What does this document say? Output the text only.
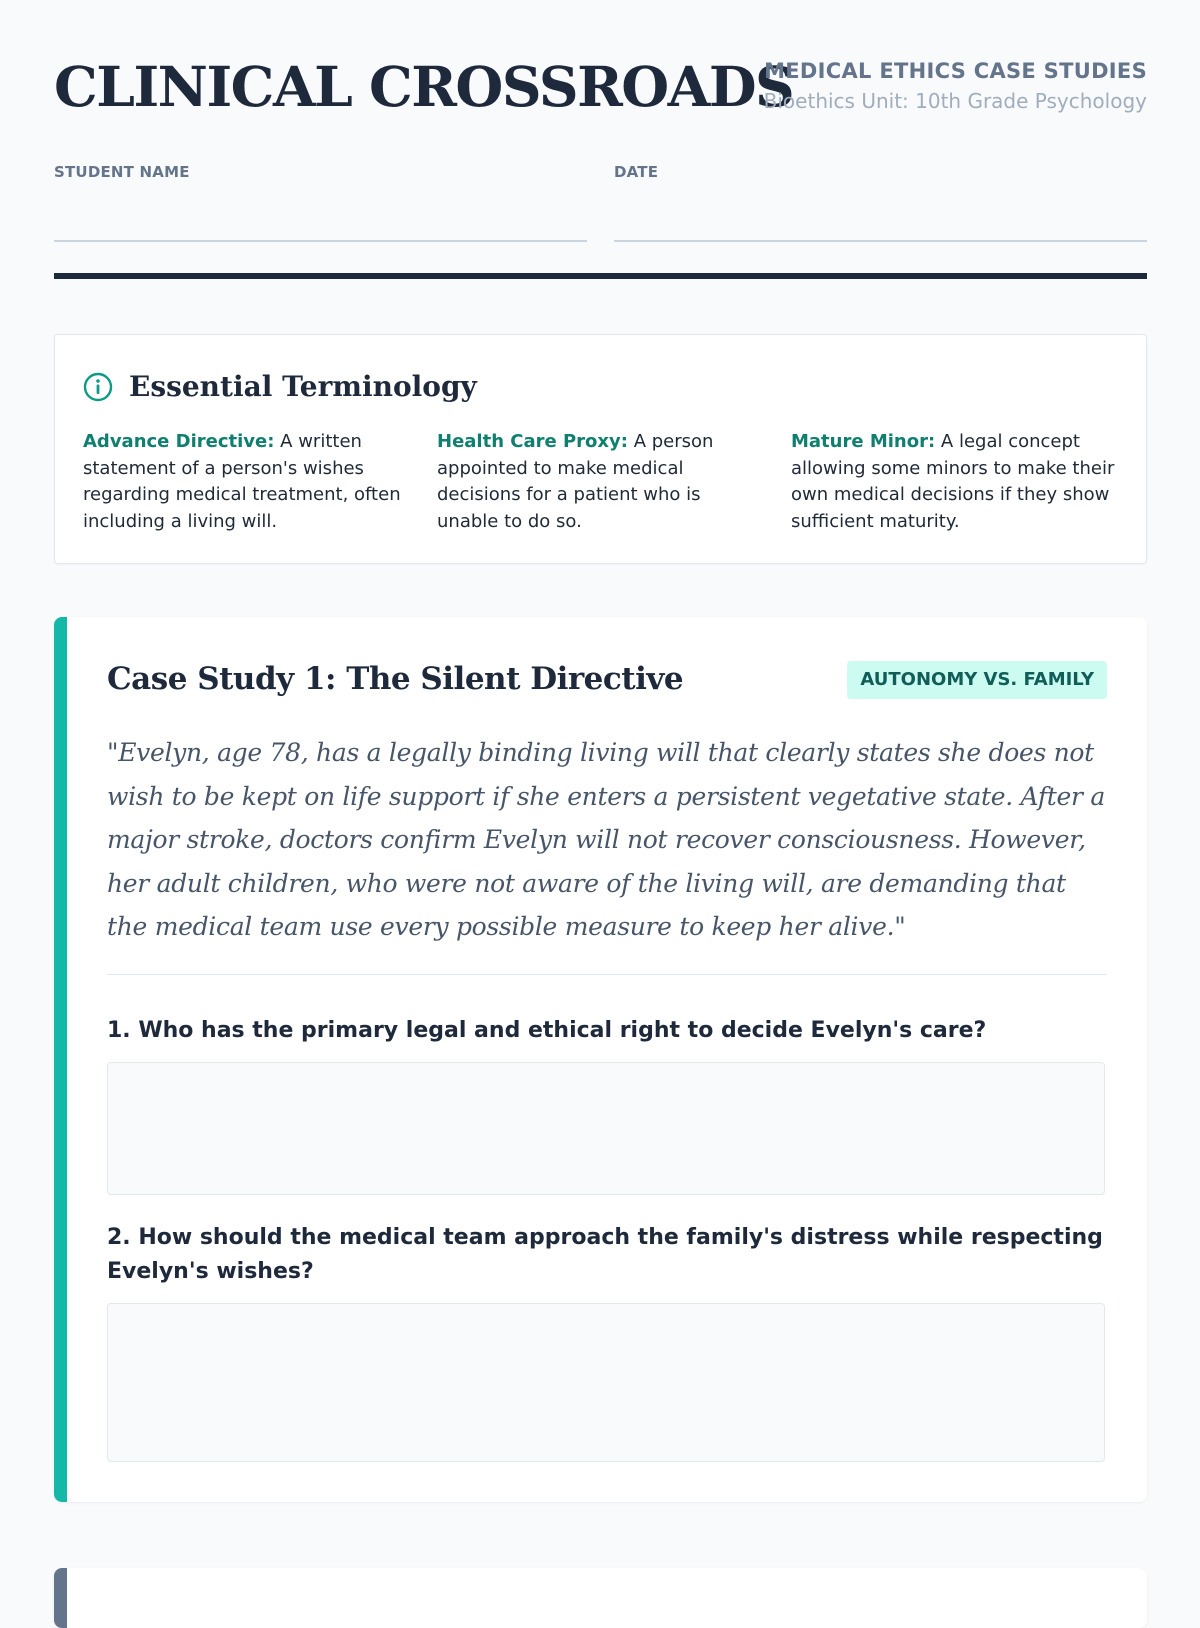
CLINICAL CROSSROADS
MEDICAL ETHICS CASE STUDIES
Bioethics Unit: 10th Grade Psychology
STUDENT NAME	DATE
Essential Terminology
Advance Directive: A written statement of a person's wishes regarding medical treatment, often including a living will.
Health Care Proxy: A person appointed to make medical decisions for a patient who is unable to do so.
Mature Minor: A legal concept allowing some minors to make their own medical decisions if they show sufficient maturity.
Case Study 1: The Silent Directive	AUTONOMY VS. FAMILY

"Evelyn, age 78, has a legally binding living will that clearly states she does not wish to be kept on life support if she enters a persistent vegetative state. After a major stroke, doctors confirm Evelyn will not recover consciousness. However, her adult children, who were not aware of the living will, are demanding that the medical team use every possible measure to keep her alive."

1. Who has the primary legal and ethical right to decide Evelyn's care?

2. How should the medical team approach the family's distress while respecting Evelyn's wishes?
